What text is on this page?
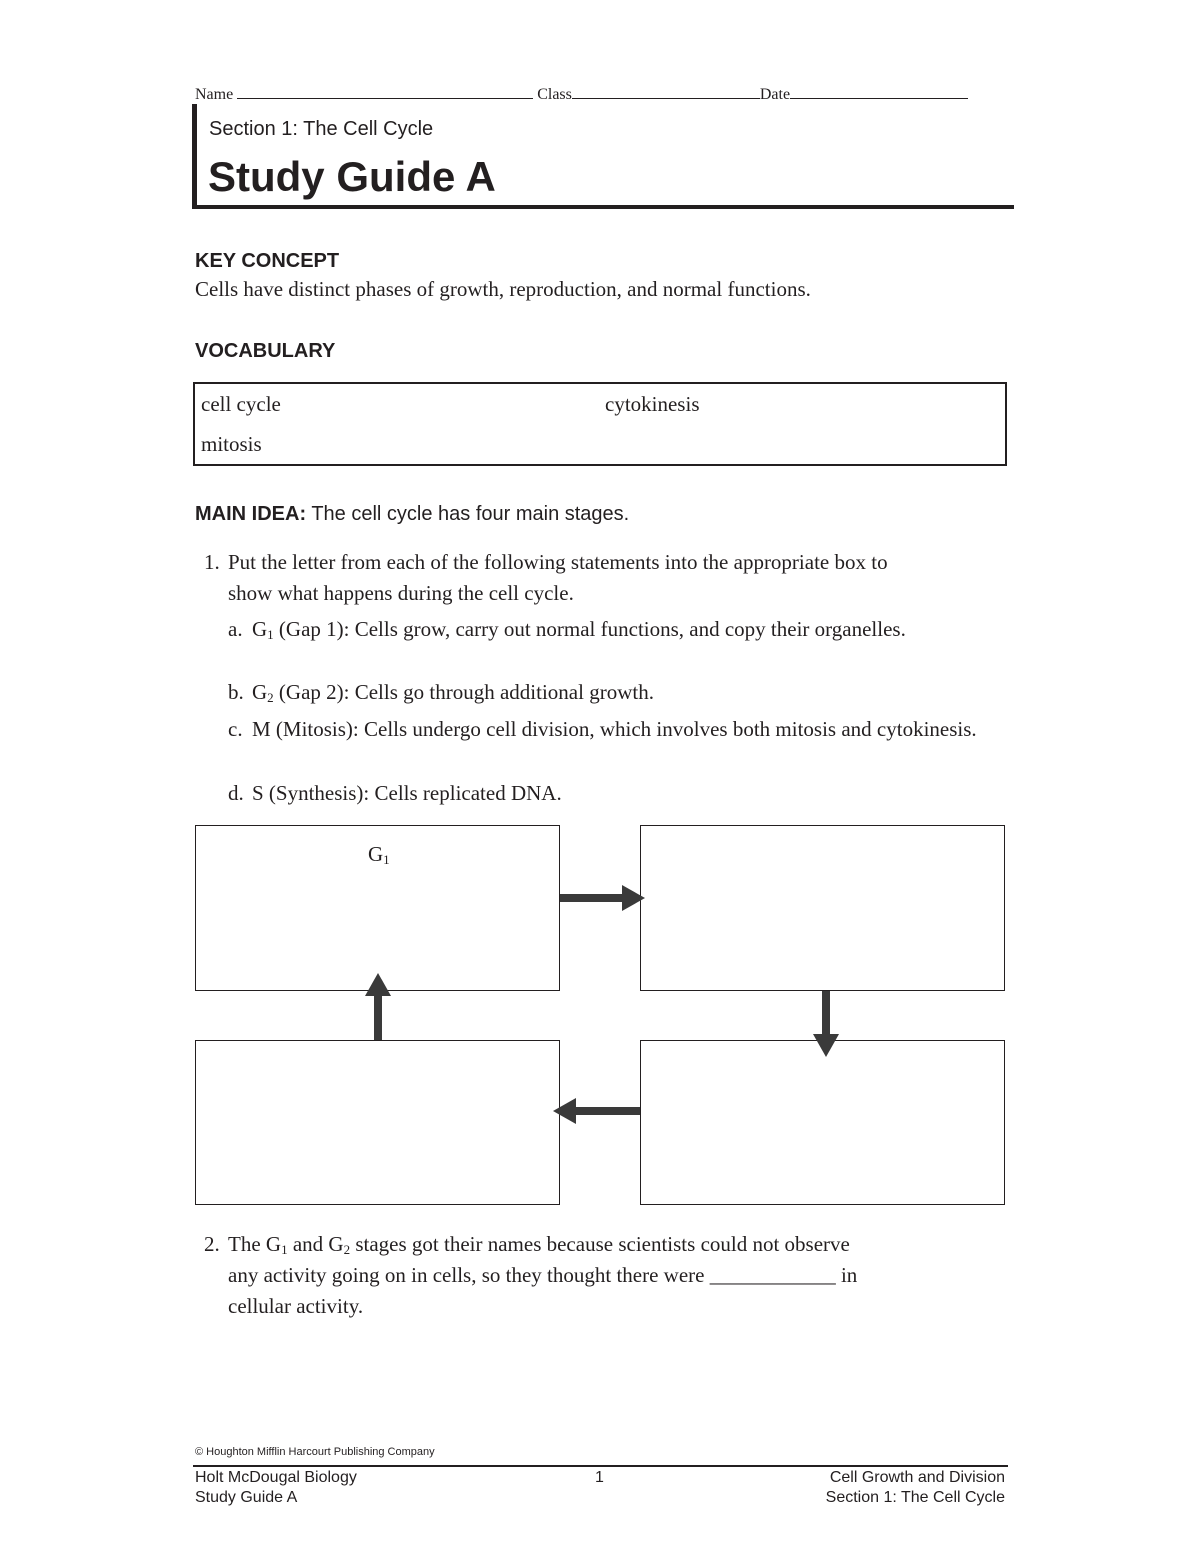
Name	Class	Date
Section 1: The Cell Cycle
Study Guide A
KEY CONCEPT
Cells have distinct phases of growth, reproduction, and normal functions.
VOCABULARY
cell cycle	cytokinesis
mitosis
MAIN IDEA: The cell cycle has four main stages.
1. Put the letter from each of the following statements into the appropriate box to
show what happens during the cell cycle.
a. $G_1$ (Gap 1): Cells grow, carry out normal functions, and copy their organelles.
b. $G_2$ (Gap 2): Cells go through additional growth.
c. M (Mitosis): Cells undergo cell division, which involves both mitosis and cytokinesis.
d. S (Synthesis): Cells replicated DNA.
$G_1$
2. The $G_1$ and $G_2$ stages got their names because scientists could not observe
any activity going on in cells, so they thought there were ____________ in
cellular activity.
© Houghton Mifflin Harcourt Publishing Company
Holt McDougal Biology
Study Guide A
1	Cell Growth and Division
Section 1: The Cell Cycle
